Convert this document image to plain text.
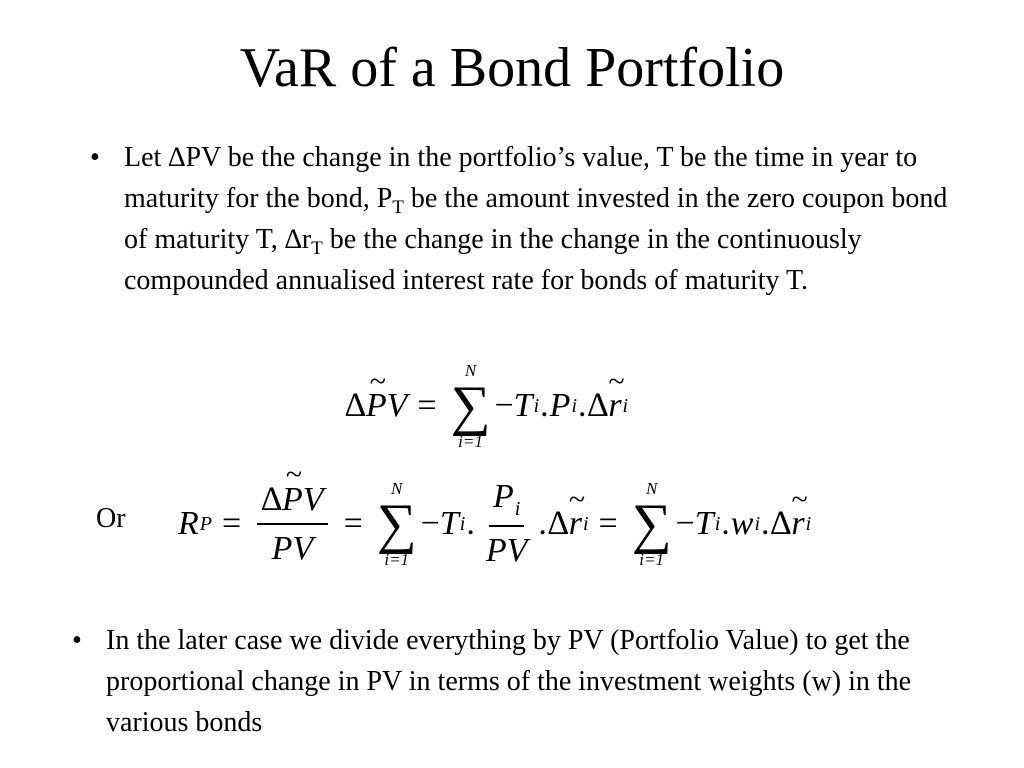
VaR of a Bond Portfolio
• Let ∆PV be the change in the portfolio’s value, T be the time in year to maturity for the bond, $P_T$ be the amount invested in the zero coupon bond of maturity T, $\Delta r_T$ be the change in the change in the continuously compounded annualised interest rate for bonds of maturity T.
∆ ~ P V =
N
∑
i=1
− T i . P i . ∆ ~ r i
Or R $P = \frac{\Delta\sim PV}{PV}$ =
N
∑
i=1
− T i . $\frac{P_i}{PV}$ . ∆ ~ r i =
N
∑
i=1
− T i . w i . ∆ ~ r i
• In the later case we divide everything by PV (Portfolio Value) to get the proportional change in PV in terms of the investment weights (w) in the various bonds
